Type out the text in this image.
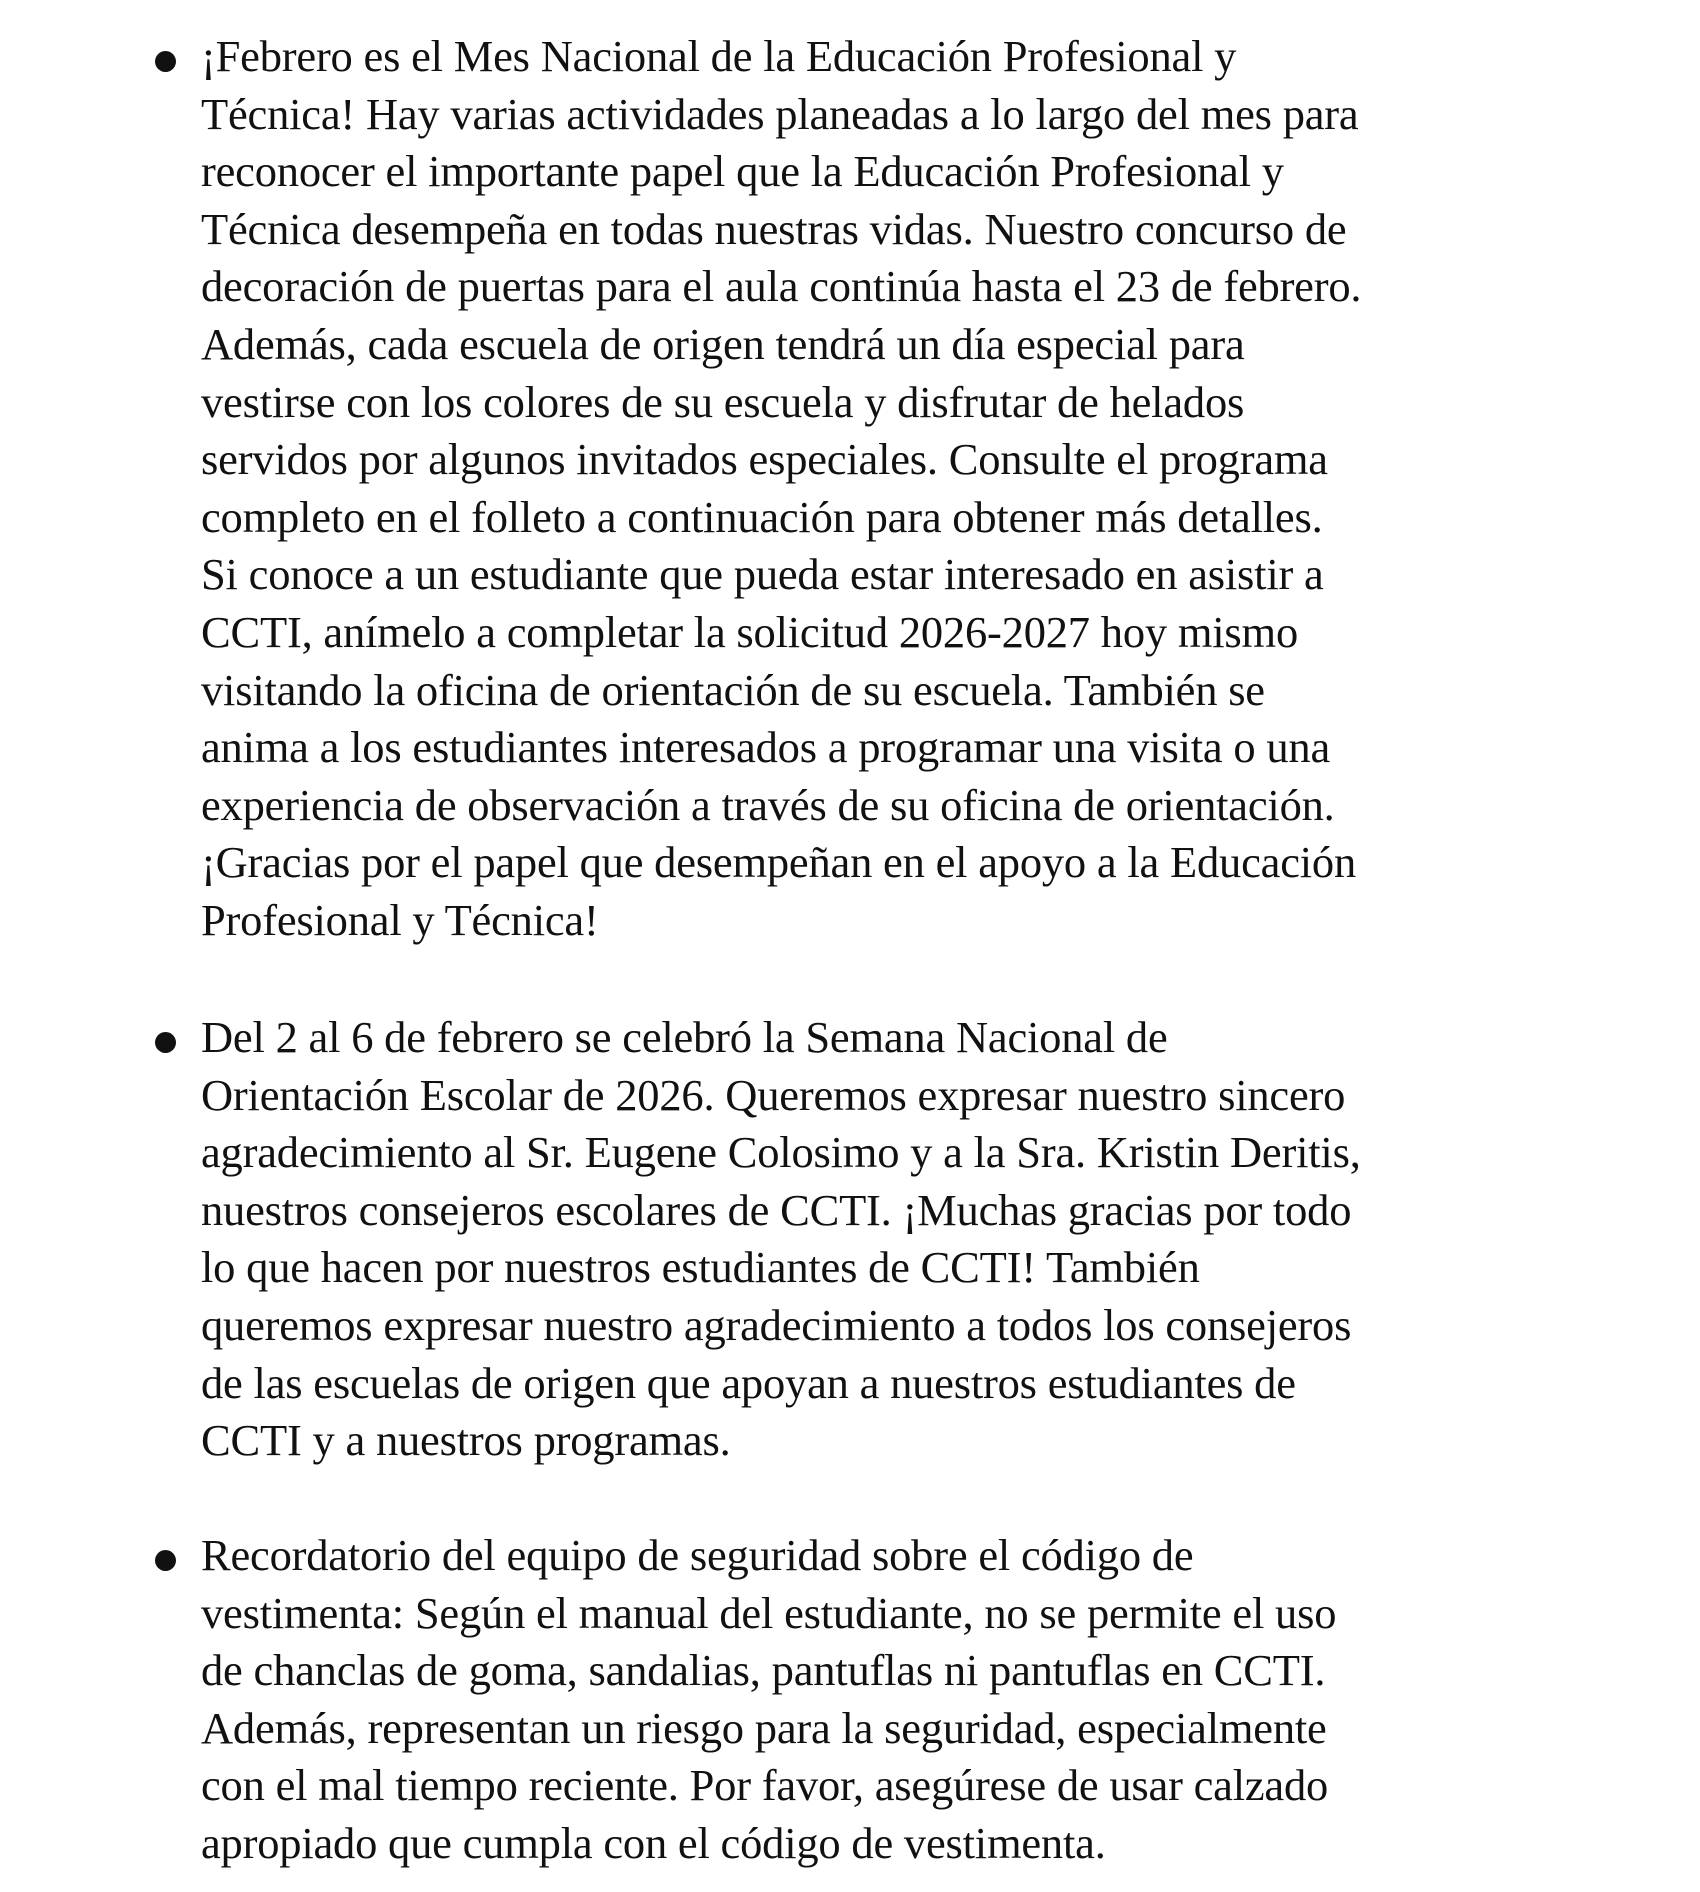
¡Febrero es el Mes Nacional de la Educación Profesional y
Técnica! Hay varias actividades planeadas a lo largo del mes para
reconocer el importante papel que la Educación Profesional y
Técnica desempeña en todas nuestras vidas. Nuestro concurso de
decoración de puertas para el aula continúa hasta el 23 de febrero.
Además, cada escuela de origen tendrá un día especial para
vestirse con los colores de su escuela y disfrutar de helados
servidos por algunos invitados especiales. Consulte el programa
completo en el folleto a continuación para obtener más detalles.
Si conoce a un estudiante que pueda estar interesado en asistir a
CCTI, anímelo a completar la solicitud 2026-2027 hoy mismo
visitando la oficina de orientación de su escuela. También se
anima a los estudiantes interesados a programar una visita o una
experiencia de observación a través de su oficina de orientación.
¡Gracias por el papel que desempeñan en el apoyo a la Educación
Profesional y Técnica!
Del 2 al 6 de febrero se celebró la Semana Nacional de
Orientación Escolar de 2026. Queremos expresar nuestro sincero
agradecimiento al Sr. Eugene Colosimo y a la Sra. Kristin Deritis,
nuestros consejeros escolares de CCTI. ¡Muchas gracias por todo
lo que hacen por nuestros estudiantes de CCTI! También
queremos expresar nuestro agradecimiento a todos los consejeros
de las escuelas de origen que apoyan a nuestros estudiantes de
CCTI y a nuestros programas.
Recordatorio del equipo de seguridad sobre el código de
vestimenta: Según el manual del estudiante, no se permite el uso
de chanclas de goma, sandalias, pantuflas ni pantuflas en CCTI.
Además, representan un riesgo para la seguridad, especialmente
con el mal tiempo reciente. Por favor, asegúrese de usar calzado
apropiado que cumpla con el código de vestimenta.
